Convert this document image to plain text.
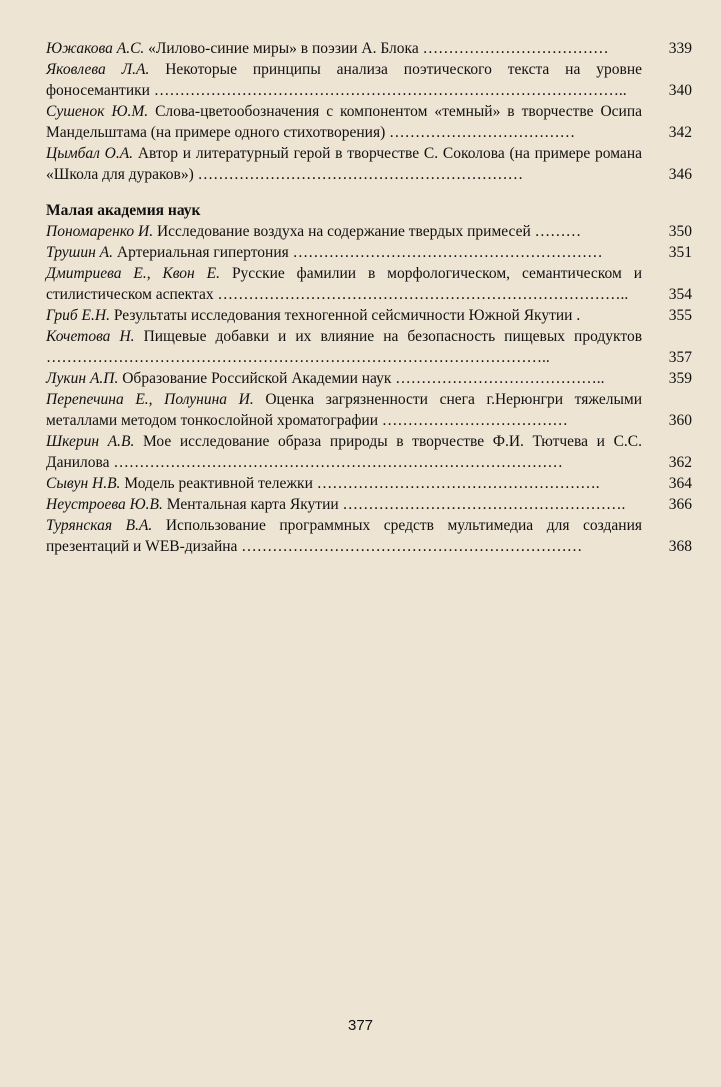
Южакова А.С. «Лилово-синие миры» в поэзии А. Блока ………………………………	339

Яковлева Л.А. Некоторые принципы анализа поэтического текста на уровне фоносемантики ………………………………………………………………………………..	340

Сушенок Ю.М. Слова-цветообозначения с компонентом «темный» в творчестве Осипа Мандельштама (на примере одного стихотворения) ………………………………	342

Цымбал О.А. Автор и литературный герой в творчестве С. Соколова (на примере романа «Школа для дураков») ………………………………………………………	346

Малая академия наук

Пономаренко И. Исследование воздуха на содержание твердых примесей ………	350

Трушин А. Артериальная гипертония ……………………………………………………	351

Дмитриева Е., Квон Е. Русские фамилии в морфологическом, семантическом и стилистическом аспектах ……………………………………………………………………..	354

Гриб Е.Н. Результаты исследования техногенной сейсмичности Южной Якутии .	355

Кочетова Н. Пищевые добавки и их влияние на безопасность пищевых продуктов ……………………………………………………………………………………..	357

Лукин А.П. Образование Российской Академии наук …………………………………..	359

Перепечина Е., Полунина И. Оценка загрязненности снега г.Нерюнгри тяжелыми металлами методом тонкослойной хроматографии ………………………………	360

Шкерин А.В. Мое исследование образа природы в творчестве Ф.И. Тютчева и С.С. Данилова ……………………………………………………………………………	362

Сывун Н.В. Модель реактивной тележки ……………………………………………….	364

Неустроева Ю.В. Ментальная карта Якутии ……………………………………………….	366

Турянская В.А. Использование программных средств мультимедиа для создания презентаций и WEB-дизайна …………………………………………………………	368

377
